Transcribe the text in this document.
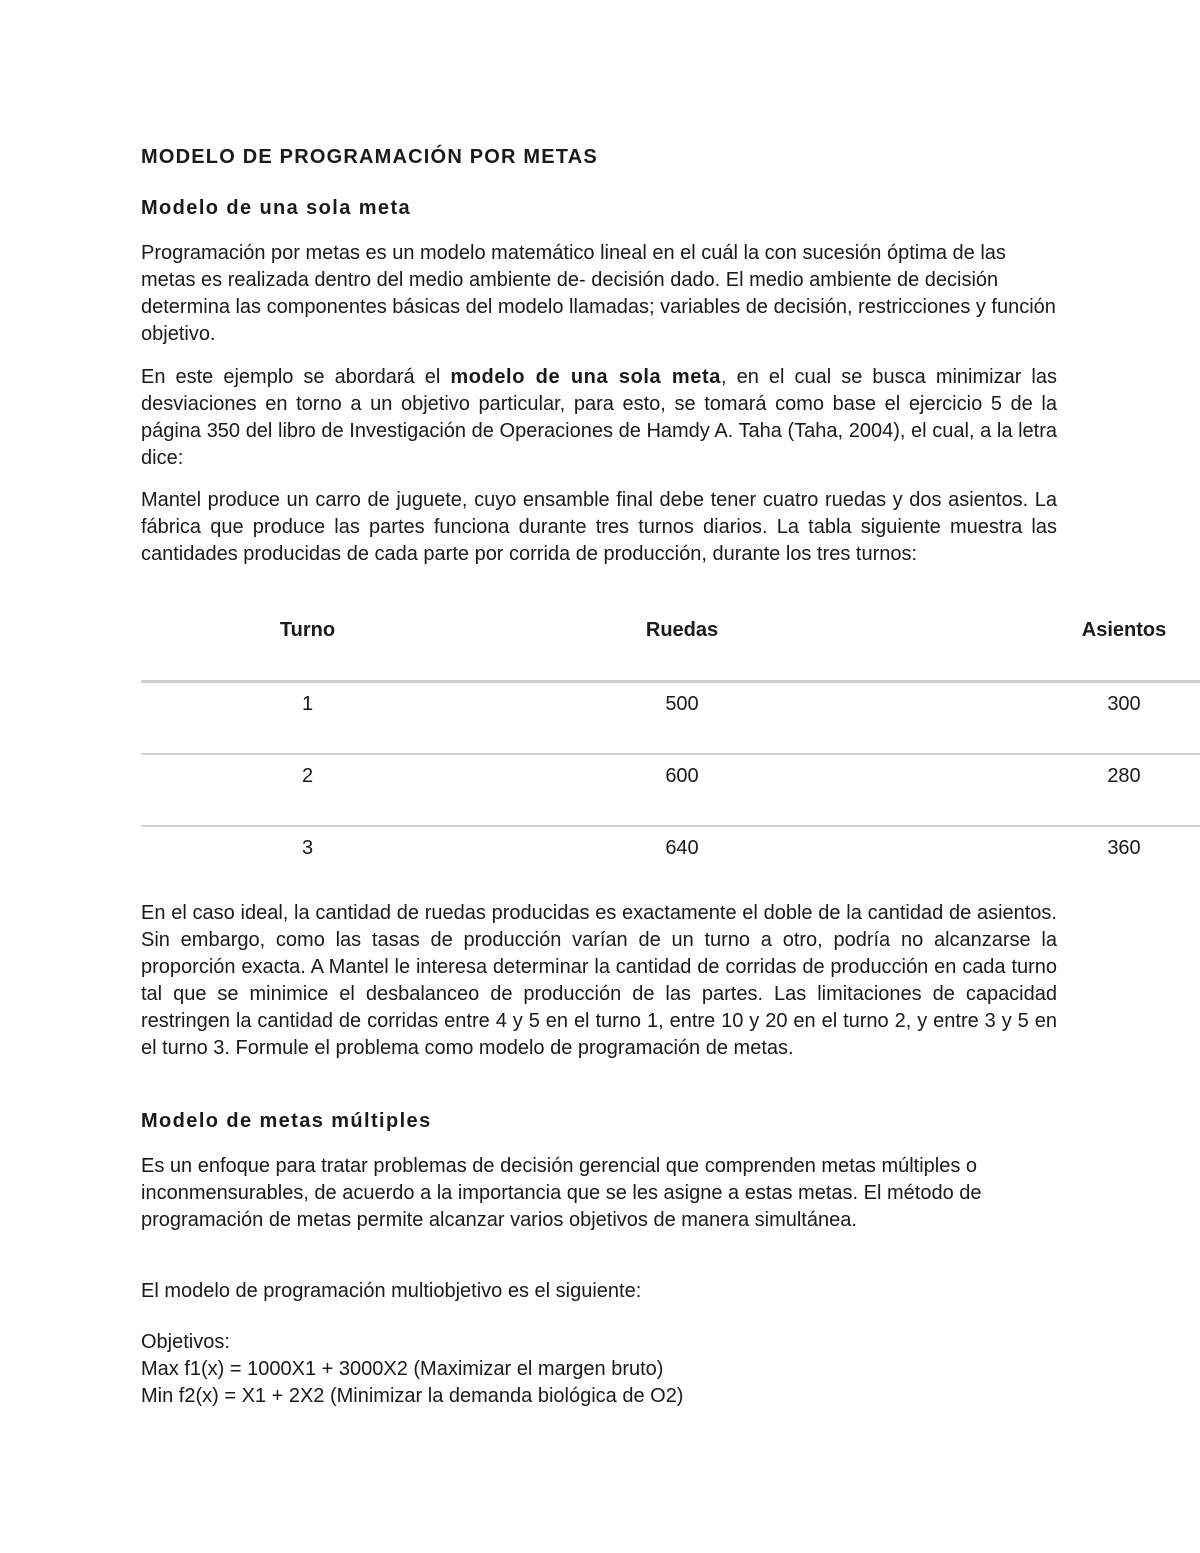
MODELO DE PROGRAMACIÓN POR METAS
Modelo de una sola meta

Programación por metas es un modelo matemático lineal en el cuál la con sucesión óptima de las metas es realizada dentro del medio ambiente de- decisión dado. El medio ambiente de decisión determina las componentes básicas del modelo llamadas; variables de decisión, restricciones y función objetivo.

En este ejemplo se abordará el modelo de una sola meta, en el cual se busca minimizar las desviaciones en torno a un objetivo particular, para esto, se tomará como base el ejercicio 5 de la página 350 del libro de Investigación de Operaciones de Hamdy A. Taha (Taha, 2004), el cual, a la letra dice:

Mantel produce un carro de juguete, cuyo ensamble final debe tener cuatro ruedas y dos asientos. La fábrica que produce las partes funciona durante tres turnos diarios. La tabla siguiente muestra las cantidades producidas de cada parte por corrida de producción, durante los tres turnos:

En el caso ideal, la cantidad de ruedas producidas es exactamente el doble de la cantidad de asientos. Sin embargo, como las tasas de producción varían de un turno a otro, podría no alcanzarse la proporción exacta. A Mantel le interesa determinar la cantidad de corridas de producción en cada turno tal que se minimice el desbalanceo de producción de las partes. Las limitaciones de capacidad restringen la cantidad de corridas entre 4 y 5 en el turno 1, entre 10 y 20 en el turno 2, y entre 3 y 5 en el turno 3. Formule el problema como modelo de programación de metas.

Modelo de metas múltiples

Es un enfoque para tratar problemas de decisión gerencial que comprenden metas múltiples o inconmensurables, de acuerdo a la importancia que se les asigne a estas metas. El método de programación de metas permite alcanzar varios objetivos de manera simultánea.

El modelo de programación multiobjetivo es el siguiente:

Objetivos:
Max f1(x) = 1000X1 + 3000X2 (Maximizar el margen bruto)
Min f2(x) = X1 + 2X2 (Minimizar la demanda biológica de O2)
Turno	Ruedas	Asientos
1	500	300
2	600	280
3	640	360
